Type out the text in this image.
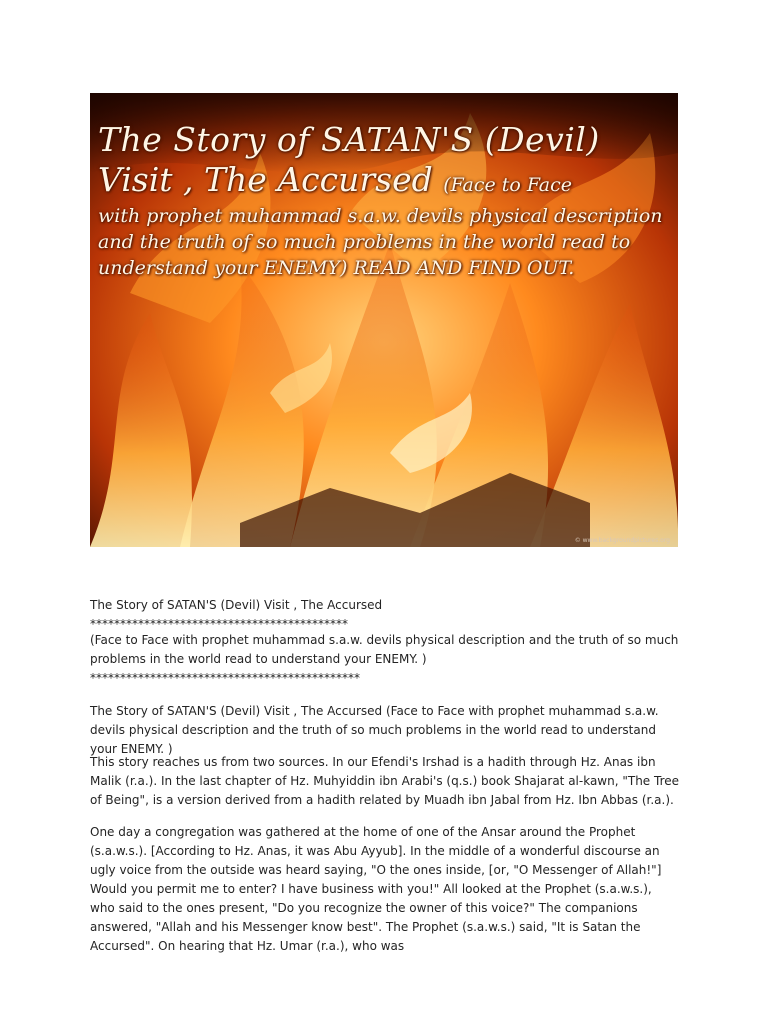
The Story of SATAN'S (Devil)
Visit , The Accursed (Face to Face
with prophet muhammad s.a.w. devils physical description and the truth of so much problems in the world read to understand your ENEMY) READ AND FIND OUT.
© www.backgroundpictures.org
The Story of SATAN'S (Devil) Visit , The Accursed
*******************************************
(Face to Face with prophet muhammad s.a.w. devils physical description and the truth of so much problems in the world read to understand your ENEMY. )
*********************************************
The Story of SATAN'S (Devil) Visit , The Accursed (Face to Face with prophet muhammad s.a.w. devils physical description and the truth of so much problems in the world read to understand your ENEMY. )
This story reaches us from two sources. In our Efendi's Irshad is a hadith through Hz. Anas ibn Malik (r.a.). In the last chapter of Hz. Muhyiddin ibn Arabi's (q.s.) book Shajarat al-kawn, "The Tree of Being", is a version derived from a hadith related by Muadh ibn Jabal from Hz. Ibn Abbas (r.a.).
One day a congregation was gathered at the home of one of the Ansar around the Prophet (s.a.w.s.). [According to Hz. Anas, it was Abu Ayyub]. In the middle of a wonderful discourse an ugly voice from the outside was heard saying, "O the ones inside, [or, "O Messenger of Allah!"] Would you permit me to enter? I have business with you!" All looked at the Prophet (s.a.w.s.), who said to the ones present, "Do you recognize the owner of this voice?" The companions answered, "Allah and his Messenger know best". The Prophet (s.a.w.s.) said, "It is Satan the Accursed". On hearing that Hz. Umar (r.a.), who was
